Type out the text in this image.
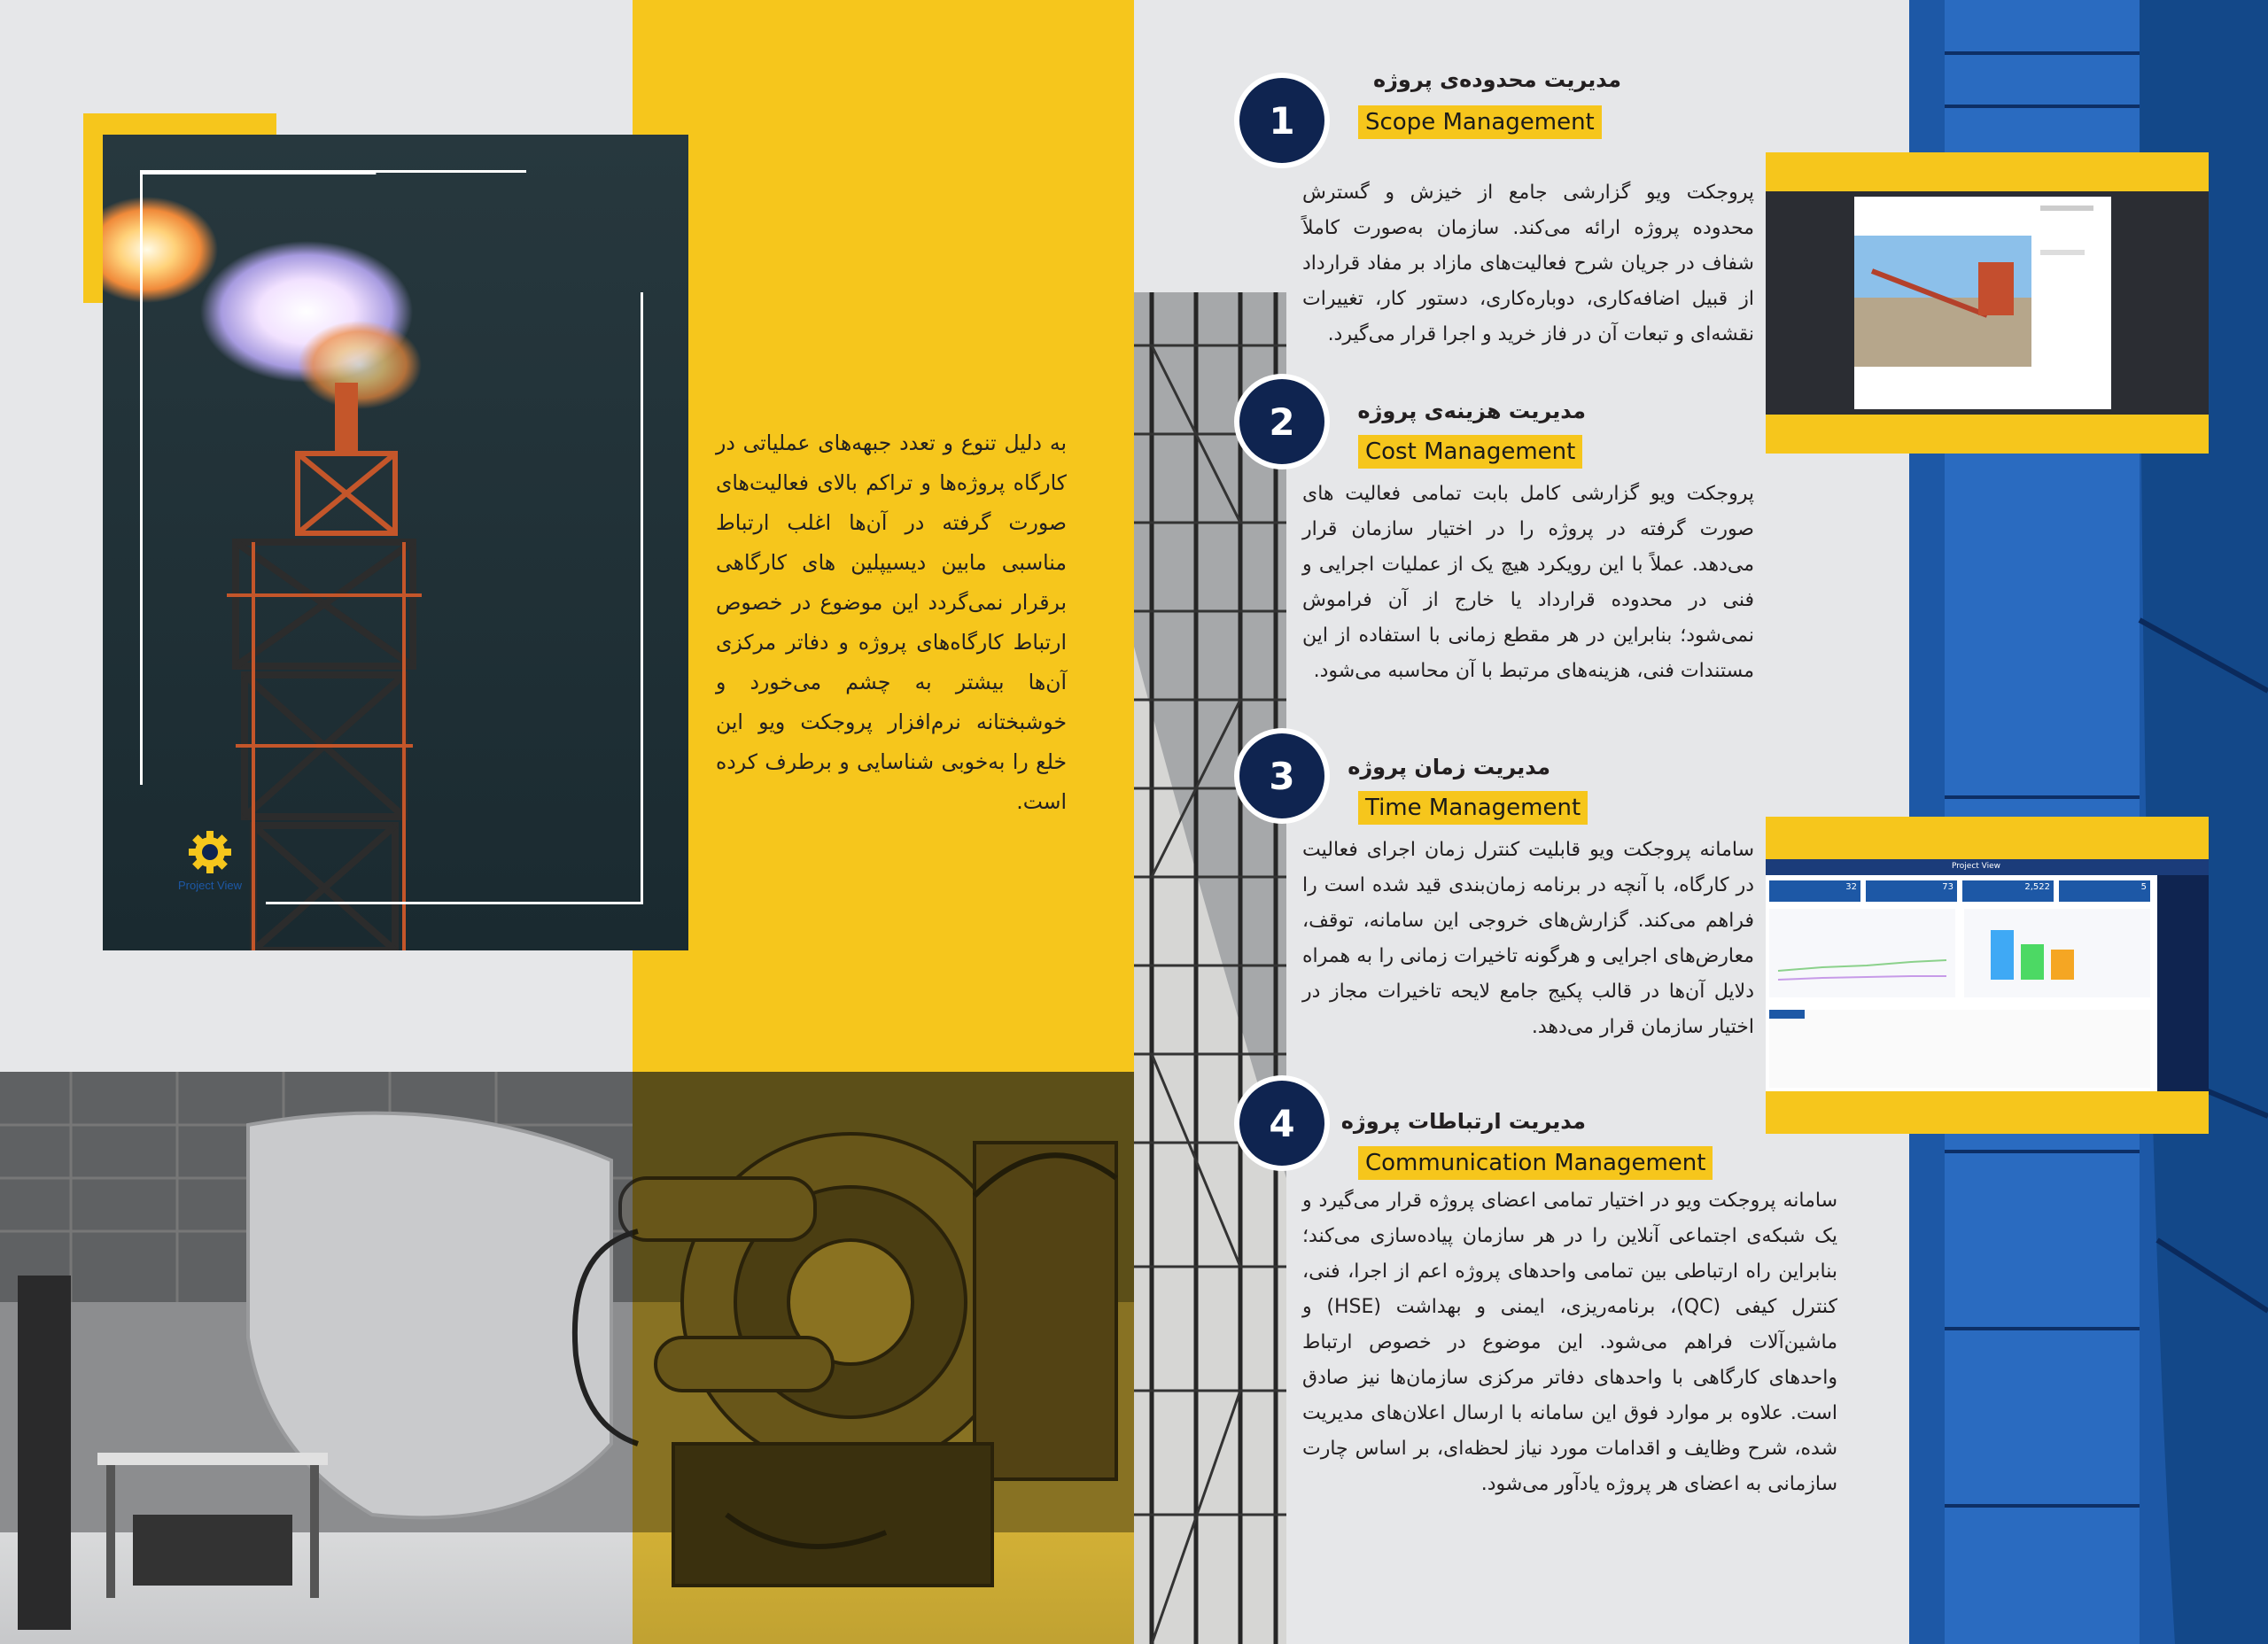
Project View
به دلیل تنوع و تعدد جبهه‌های عملیاتی در کارگاه پروژه‌ها و تراکم بالای فعالیت‌های صورت گرفته در آن‌ها اغلب ارتباط مناسبی مابین دیسیپلین های کارگاهی برقرار نمی‌گردد این موضوع در خصوص ارتباط کارگاه‌های پروژه و دفاتر مرکزی آن‌ها بیشتر به چشم می‌خورد و خوشبختانه نرم‌افزار پروجکت ویو این خلع را به‌خوبی شناسایی و برطرف کرده است.
Project View
32	73	2,522	5
1
مدیریت محدوده‌ی پروژه
Scope Management
پروجکت ویو گزارشی جامع از خیزش و گسترش محدوده پروژه ارائه می‌کند. سازمان به‌صورت کاملاً شفاف در جریان شرح فعالیت‌های مازاد بر مفاد قرارداد از قبیل اضافه‌کاری، دوباره‌کاری، دستور کار، تغییرات نقشه‌ای و تبعات آن در فاز خرید و اجرا قرار می‌گیرد.
2	مدیریت هزینه‌ی پروژه
Cost Management
پروجکت ویو گزارشی کامل بابت تمامی فعالیت های صورت گرفته در پروژه را در اختیار سازمان قرار می‌دهد. عملاً با این رویکرد هیچ یک از عملیات اجرایی و فنی در محدوده قرارداد یا خارج از آن فراموش نمی‌شود؛ بنابراین در هر مقطع زمانی با استفاده از این مستندات فنی، هزینه‌های مرتبط با آن محاسبه می‌شود.
3	مدیریت زمان پروژه
Time Management
سامانه پروجکت ویو قابلیت کنترل زمان اجرای فعالیت در کارگاه، با آنچه در برنامه زمان‌بندی قید شده است را فراهم می‌کند. گزارش‌های خروجی این سامانه، توقف، معارض‌های اجرایی و هرگونه تاخیرات زمانی را به همراه دلایل آن‌ها در قالب پکیج جامع لایحه تاخیرات مجاز در اختیار سازمان قرار می‌دهد.
4	مدیریت ارتباطات پروژه
Communication Management
سامانه پروجکت ویو در اختیار تمامی اعضای پروژه قرار می‌گیرد و یک شبکه‌ی اجتماعی آنلاین را در هر سازمان پیاده‌سازی می‌کند؛ بنابراین راه ارتباطی بین تمامی واحدهای پروژه اعم از اجرا، فنی، کنترل کیفی (QC)، برنامه‌ریزی، ایمنی و بهداشت (HSE) و ماشین‌آلات فراهم می‌شود. این موضوع در خصوص ارتباط واحدهای کارگاهی با واحدهای دفاتر مرکزی سازمان‌ها نیز صادق است. علاوه بر موارد فوق این سامانه با ارسال اعلان‌های مدیریت شده، شرح وظایف و اقدامات مورد نیاز لحظه‌ای، بر اساس چارت سازمانی به اعضای هر پروژه یادآور می‌شود.
